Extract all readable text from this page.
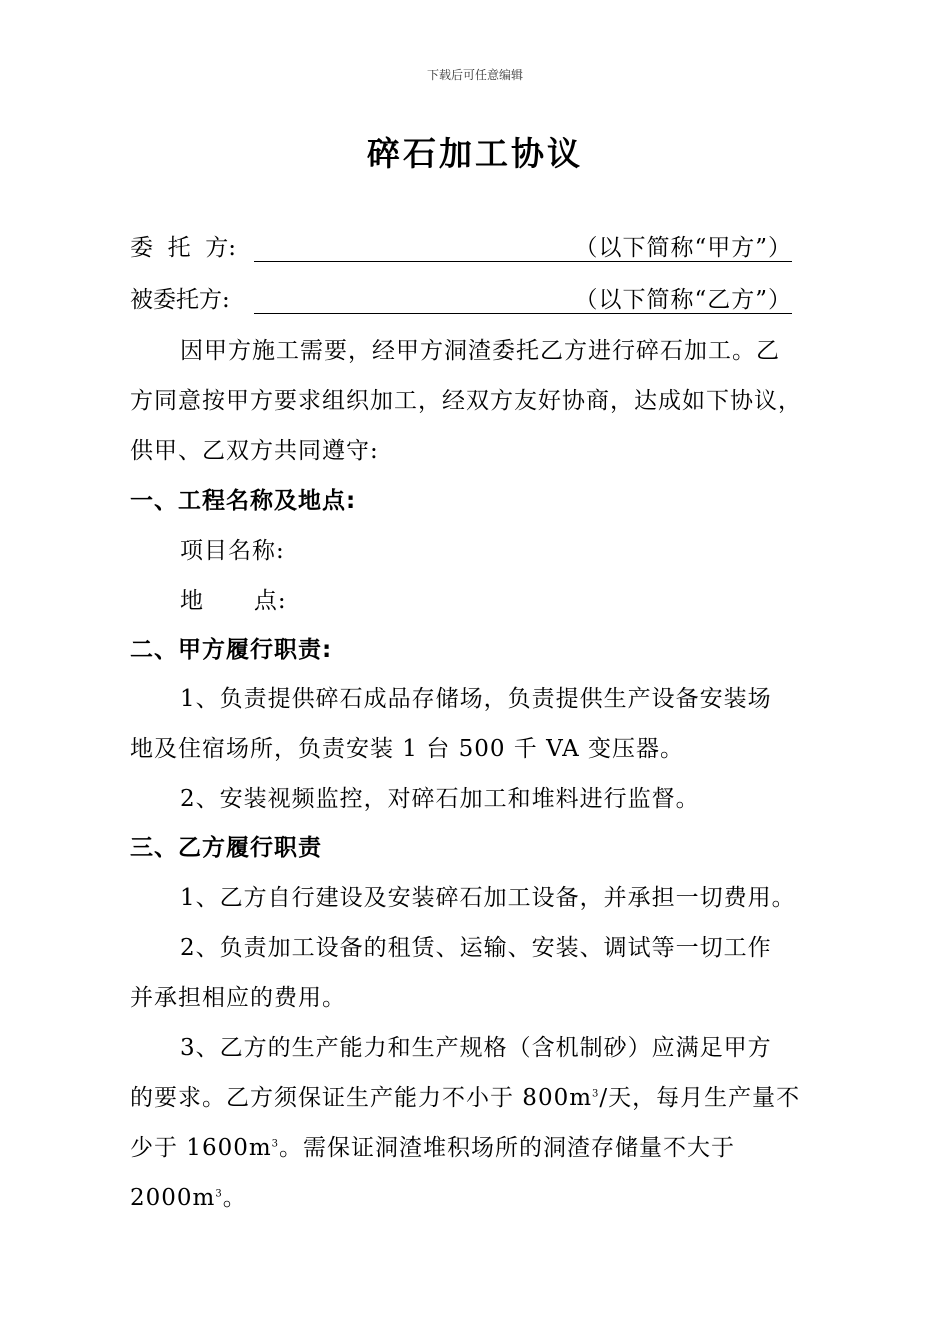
下载后可任意编辑
碎石加工协议
委  托  方:	（以下简称“甲方”）
被委托方:	（以下简称“乙方”）
因甲方施工需要，经甲方洞渣委托乙方进行碎石加工。乙
方同意按甲方要求组织加工，经双方友好协商，达成如下协议，
供甲、乙双方共同遵守:
一、工程名称及地点:
项目名称:
地      点:
二、甲方履行职责:
1、负责提供碎石成品存储场，负责提供生产设备安装场
地及住宿场所，负责安装 1 台 500 千 VA 变压器。
2、安装视频监控，对碎石加工和堆料进行监督。
三、乙方履行职责
1、乙方自行建设及安装碎石加工设备，并承担一切费用。
2、负责加工设备的租赁、运输、安装、调试等一切工作
并承担相应的费用。
3、乙方的生产能力和生产规格（含机制砂）应满足甲方
的要求。乙方须保证生产能力不小于 $800m^3/$天，每月生产量不
少于 $1600m^3$。需保证洞渣堆积场所的洞渣存储量不大于
$2000m^3$。
